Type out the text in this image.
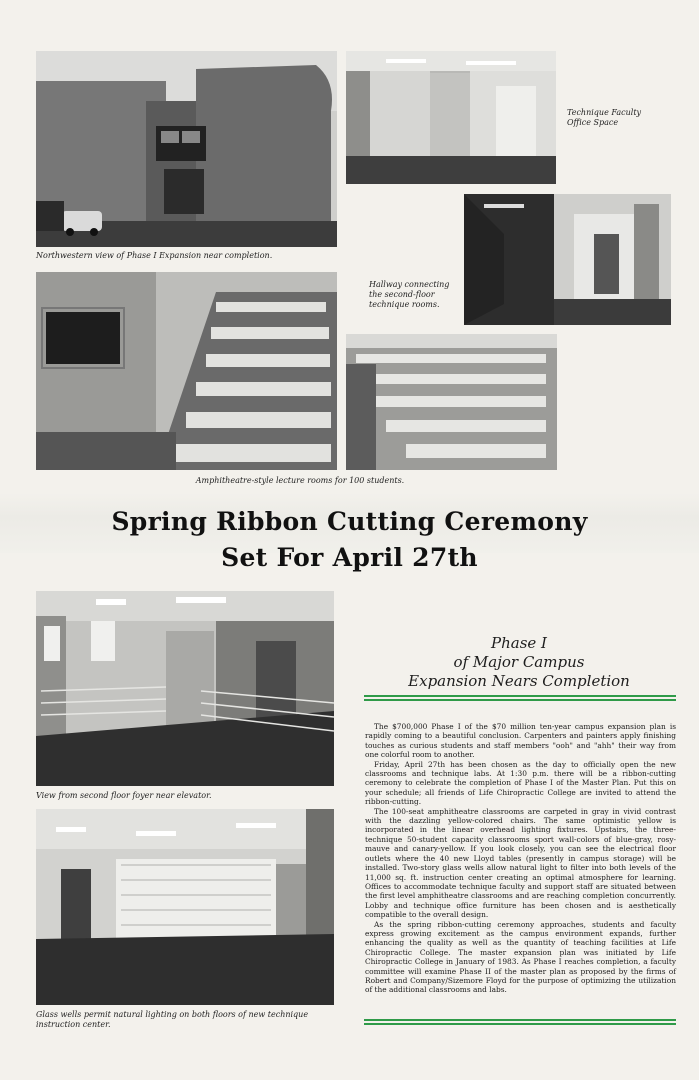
Northwestern view of Phase I Expansion near completion.
Technique Faculty Office Space
Hallway connecting the second-floor technique rooms.
Amphitheatre-style lecture rooms for 100 students.
Spring Ribbon Cutting Ceremony
Set For April 27th
View from second floor foyer near elevator.
Glass wells permit natural lighting on both floors of new technique instruction center.
Phase I
of Major Campus
Expansion Nears Completion

The $700,000 Phase I of the $70 million ten-year campus expansion plan is rapidly coming to a beautiful conclusion. Carpenters and painters apply finishing touches as curious students and staff members "ooh" and "ahh" their way from one colorful room to another.

Friday, April 27th has been chosen as the day to officially open the new classrooms and technique labs. At 1:30 p.m. there will be a ribbon-cutting ceremony to celebrate the completion of Phase I of the Master Plan. Put this on your schedule; all friends of Life Chiropractic College are invited to attend the ribbon-cutting.

The 100-seat amphitheatre classrooms are carpeted in gray in vivid contrast with the dazzling yellow-colored chairs. The same optimistic yellow is incorporated in the linear overhead lighting fixtures. Upstairs, the three-technique 50-student capacity classrooms sport wall-colors of blue-gray, rosy-mauve and canary-yellow. If you look closely, you can see the electrical floor outlets where the 40 new Lloyd tables (presently in campus storage) will be installed. Two-story glass wells allow natural light to filter into both levels of the 11,000 sq. ft. instruction center creating an optimal atmosphere for learning. Offices to accommodate technique faculty and support staff are situated between the first level amphitheatre classrooms and are reaching completion concurrently. Lobby and technique office furniture has been chosen and is aesthetically compatible to the overall design.

As the spring ribbon-cutting ceremony approaches, students and faculty express growing excitement as the campus environment expands, further enhancing the quality as well as the quantity of teaching facilities at Life Chiropractic College. The master expansion plan was initiated by Life Chiropractic College in January of 1983. As Phase I reaches completion, a faculty committee will examine Phase II of the master plan as proposed by the firms of Robert and Company/Sizemore Floyd for the purpose of optimizing the utilization of the additional classrooms and labs.
